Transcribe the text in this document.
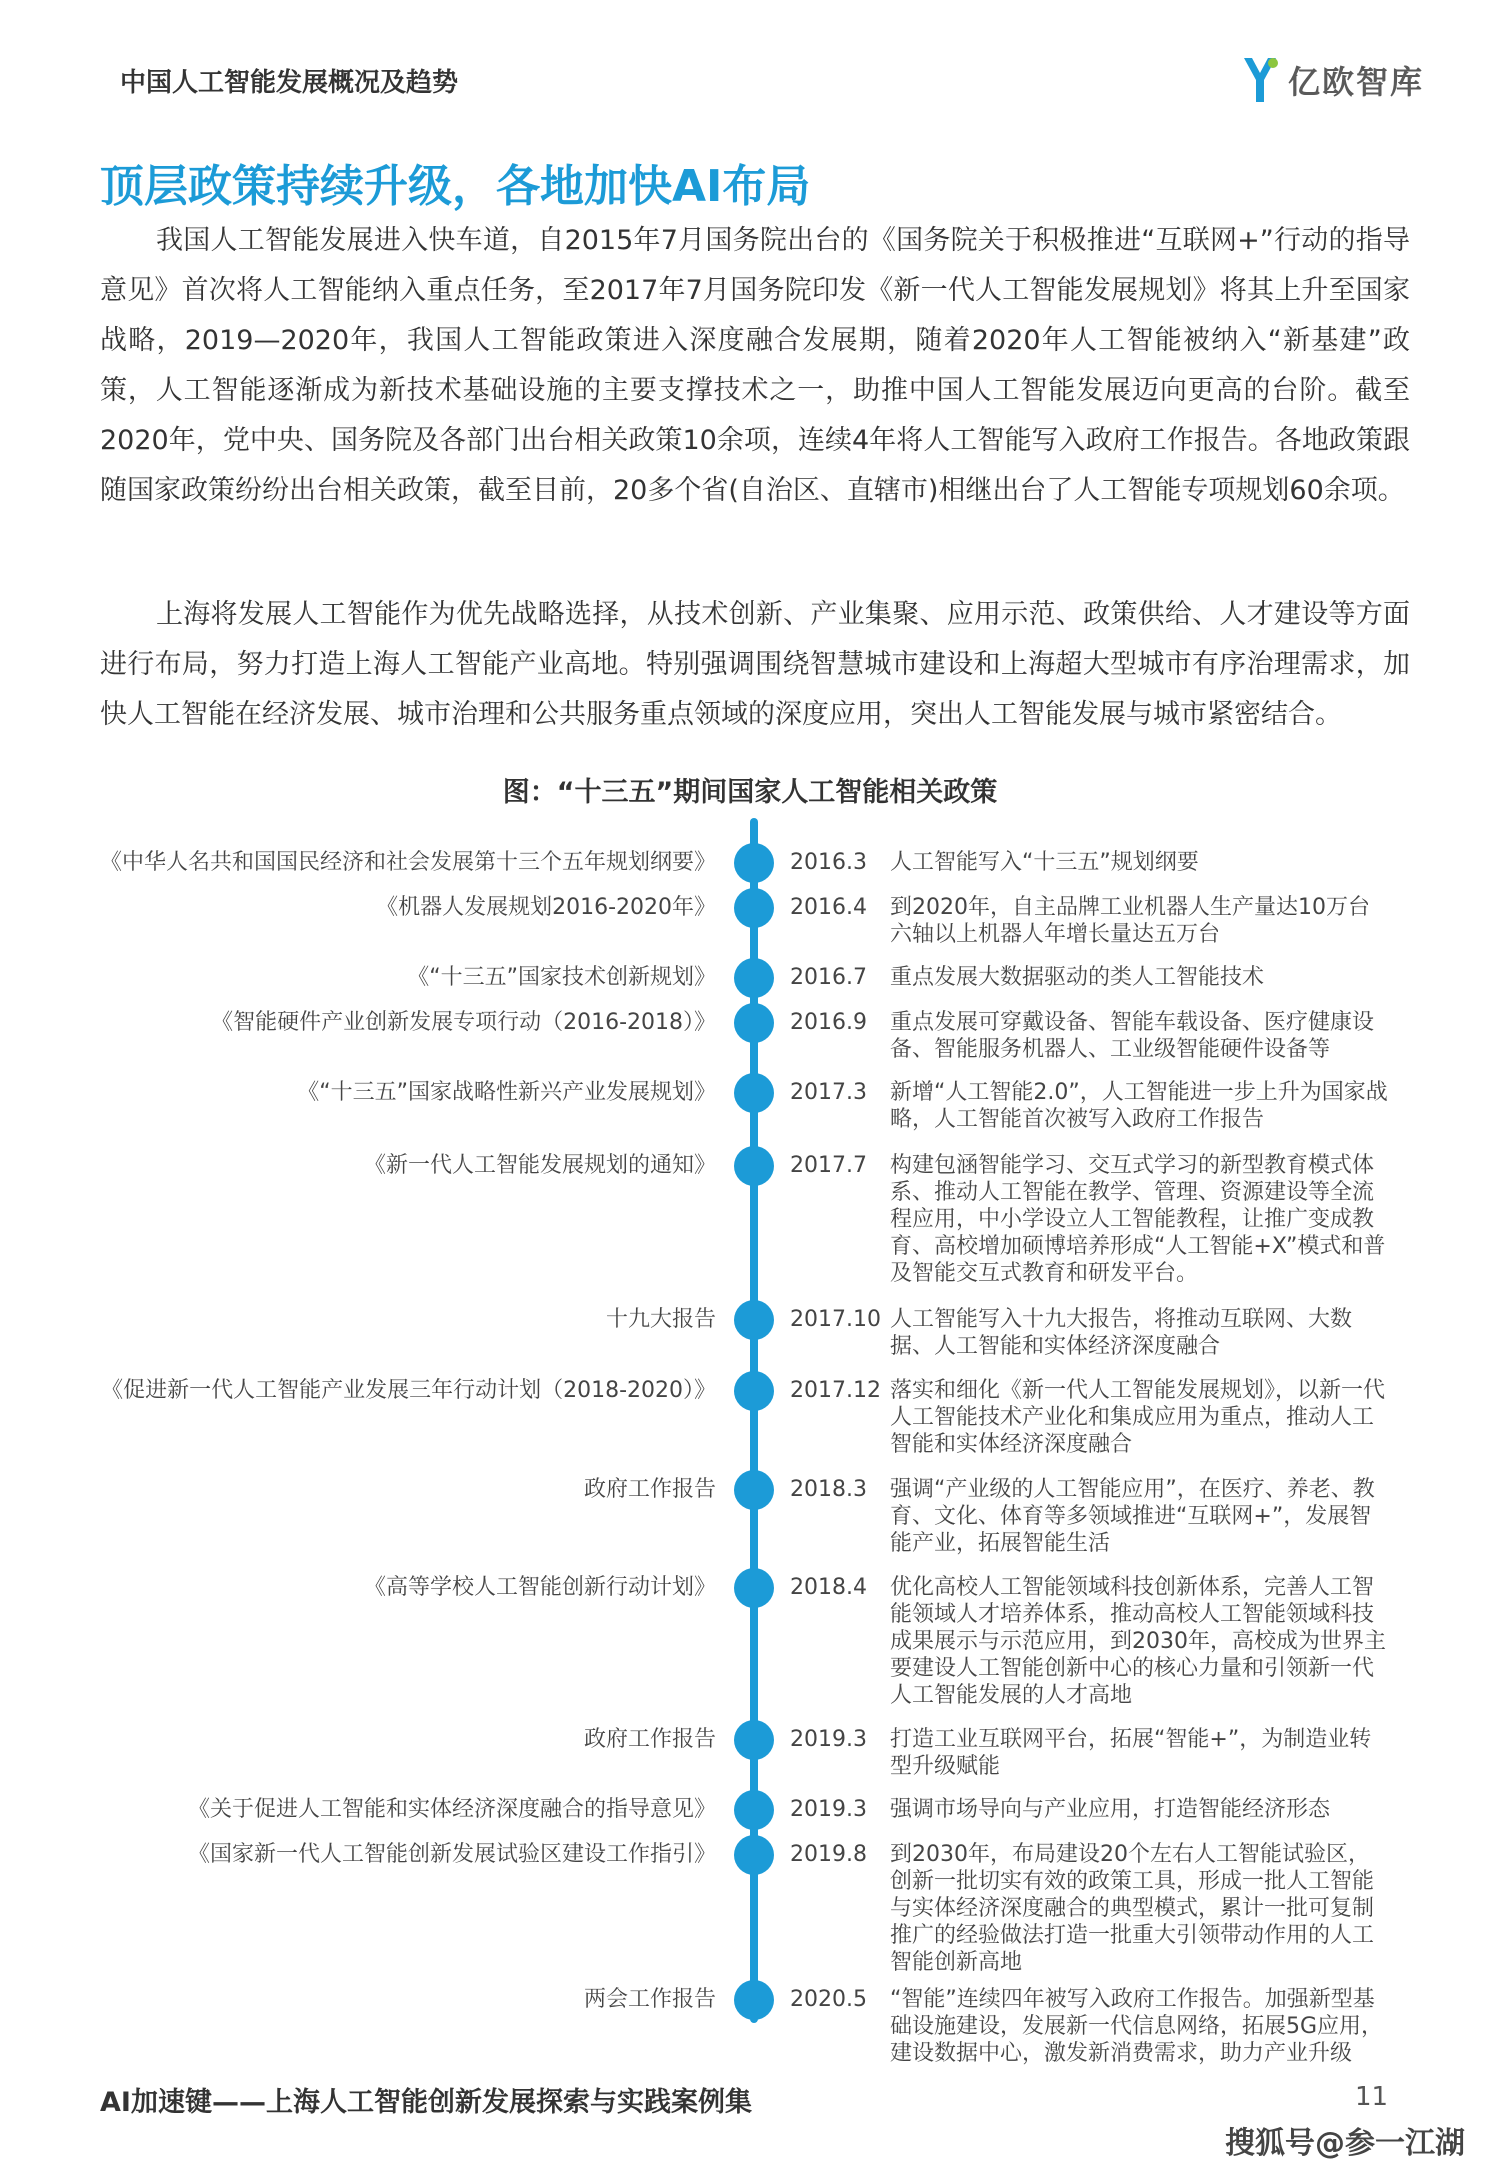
中国人工智能发展概况及趋势	亿欧智库
顶层政策持续升级，各地加快AI布局

我国人工智能发展进入快车道，自2015年7月国务院出台的《国务院关于积极推进“互联网+”行动的指导意见》首次将人工智能纳入重点任务，至2017年7月国务院印发《新一代人工智能发展规划》将其上升至国家战略，2019—2020年，我国人工智能政策进入深度融合发展期，随着2020年人工智能被纳入“新基建”政策，人工智能逐渐成为新技术基础设施的主要支撑技术之一，助推中国人工智能发展迈向更高的台阶。截至2020年，党中央、国务院及各部门出台相关政策10余项，连续4年将人工智能写入政府工作报告。各地政策跟随国家政策纷纷出台相关政策，截至目前，20多个省(自治区、直辖市)相继出台了人工智能专项规划60余项。

上海将发展人工智能作为优先战略选择，从技术创新、产业集聚、应用示范、政策供给、人才建设等方面进行布局，努力打造上海人工智能产业高地。特别强调围绕智慧城市建设和上海超大型城市有序治理需求，加快人工智能在经济发展、城市治理和公共服务重点领域的深度应用，突出人工智能发展与城市紧密结合。

图：“十三五”期间国家人工智能相关政策
《中华人名共和国国民经济和社会发展第十三个五年规划纲要》	2016.3	人工智能写入“十三五”规划纲要
《机器人发展规划2016-2020年》	2016.4	到2020年，自主品牌工业机器人生产量达10万台六轴以上机器人年增长量达五万台
《“十三五”国家技术创新规划》	2016.7	重点发展大数据驱动的类人工智能技术
《智能硬件产业创新发展专项行动（2016-2018）》	2016.9	重点发展可穿戴设备、智能车载设备、医疗健康设备、智能服务机器人、工业级智能硬件设备等
《“十三五”国家战略性新兴产业发展规划》	2017.3	新增“人工智能2.0”，人工智能进一步上升为国家战略，人工智能首次被写入政府工作报告
《新一代人工智能发展规划的通知》	2017.7	构建包涵智能学习、交互式学习的新型教育模式体系、推动人工智能在教学、管理、资源建设等全流程应用，中小学设立人工智能教程，让推广变成教育、高校增加硕博培养形成“人工智能+X”模式和普及智能交互式教育和研发平台。
十九大报告	2017.10 人工智能写入十九大报告，将推动互联网、大数据、人工智能和实体经济深度融合
《促进新一代人工智能产业发展三年行动计划（2018-2020）》	2017.12 落实和细化《新一代人工智能发展规划》，以新一代人工智能技术产业化和集成应用为重点，推动人工智能和实体经济深度融合
政府工作报告	2018.3	强调“产业级的人工智能应用”，在医疗、养老、教育、文化、体育等多领域推进“互联网+”，发展智能产业，拓展智能生活
《高等学校人工智能创新行动计划》	2018.4	优化高校人工智能领域科技创新体系，完善人工智能领域人才培养体系，推动高校人工智能领域科技成果展示与示范应用，到2030年，高校成为世界主要建设人工智能创新中心的核心力量和引领新一代人工智能发展的人才高地
政府工作报告	2019.3	打造工业互联网平台，拓展“智能+”，为制造业转型升级赋能
《关于促进人工智能和实体经济深度融合的指导意见》	2019.3	强调市场导向与产业应用，打造智能经济形态
《国家新一代人工智能创新发展试验区建设工作指引》	2019.8	到2030年，布局建设20个左右人工智能试验区，创新一批切实有效的政策工具，形成一批人工智能与实体经济深度融合的典型模式，累计一批可复制推广的经验做法打造一批重大引领带动作用的人工智能创新高地
两会工作报告	2020.5	“智能”连续四年被写入政府工作报告。加强新型基础设施建设，发展新一代信息网络，拓展5G应用，建设数据中心，激发新消费需求，助力产业升级
AI加速键——上海人工智能创新发展探索与实践案例集	11
搜狐号@参一江湖
